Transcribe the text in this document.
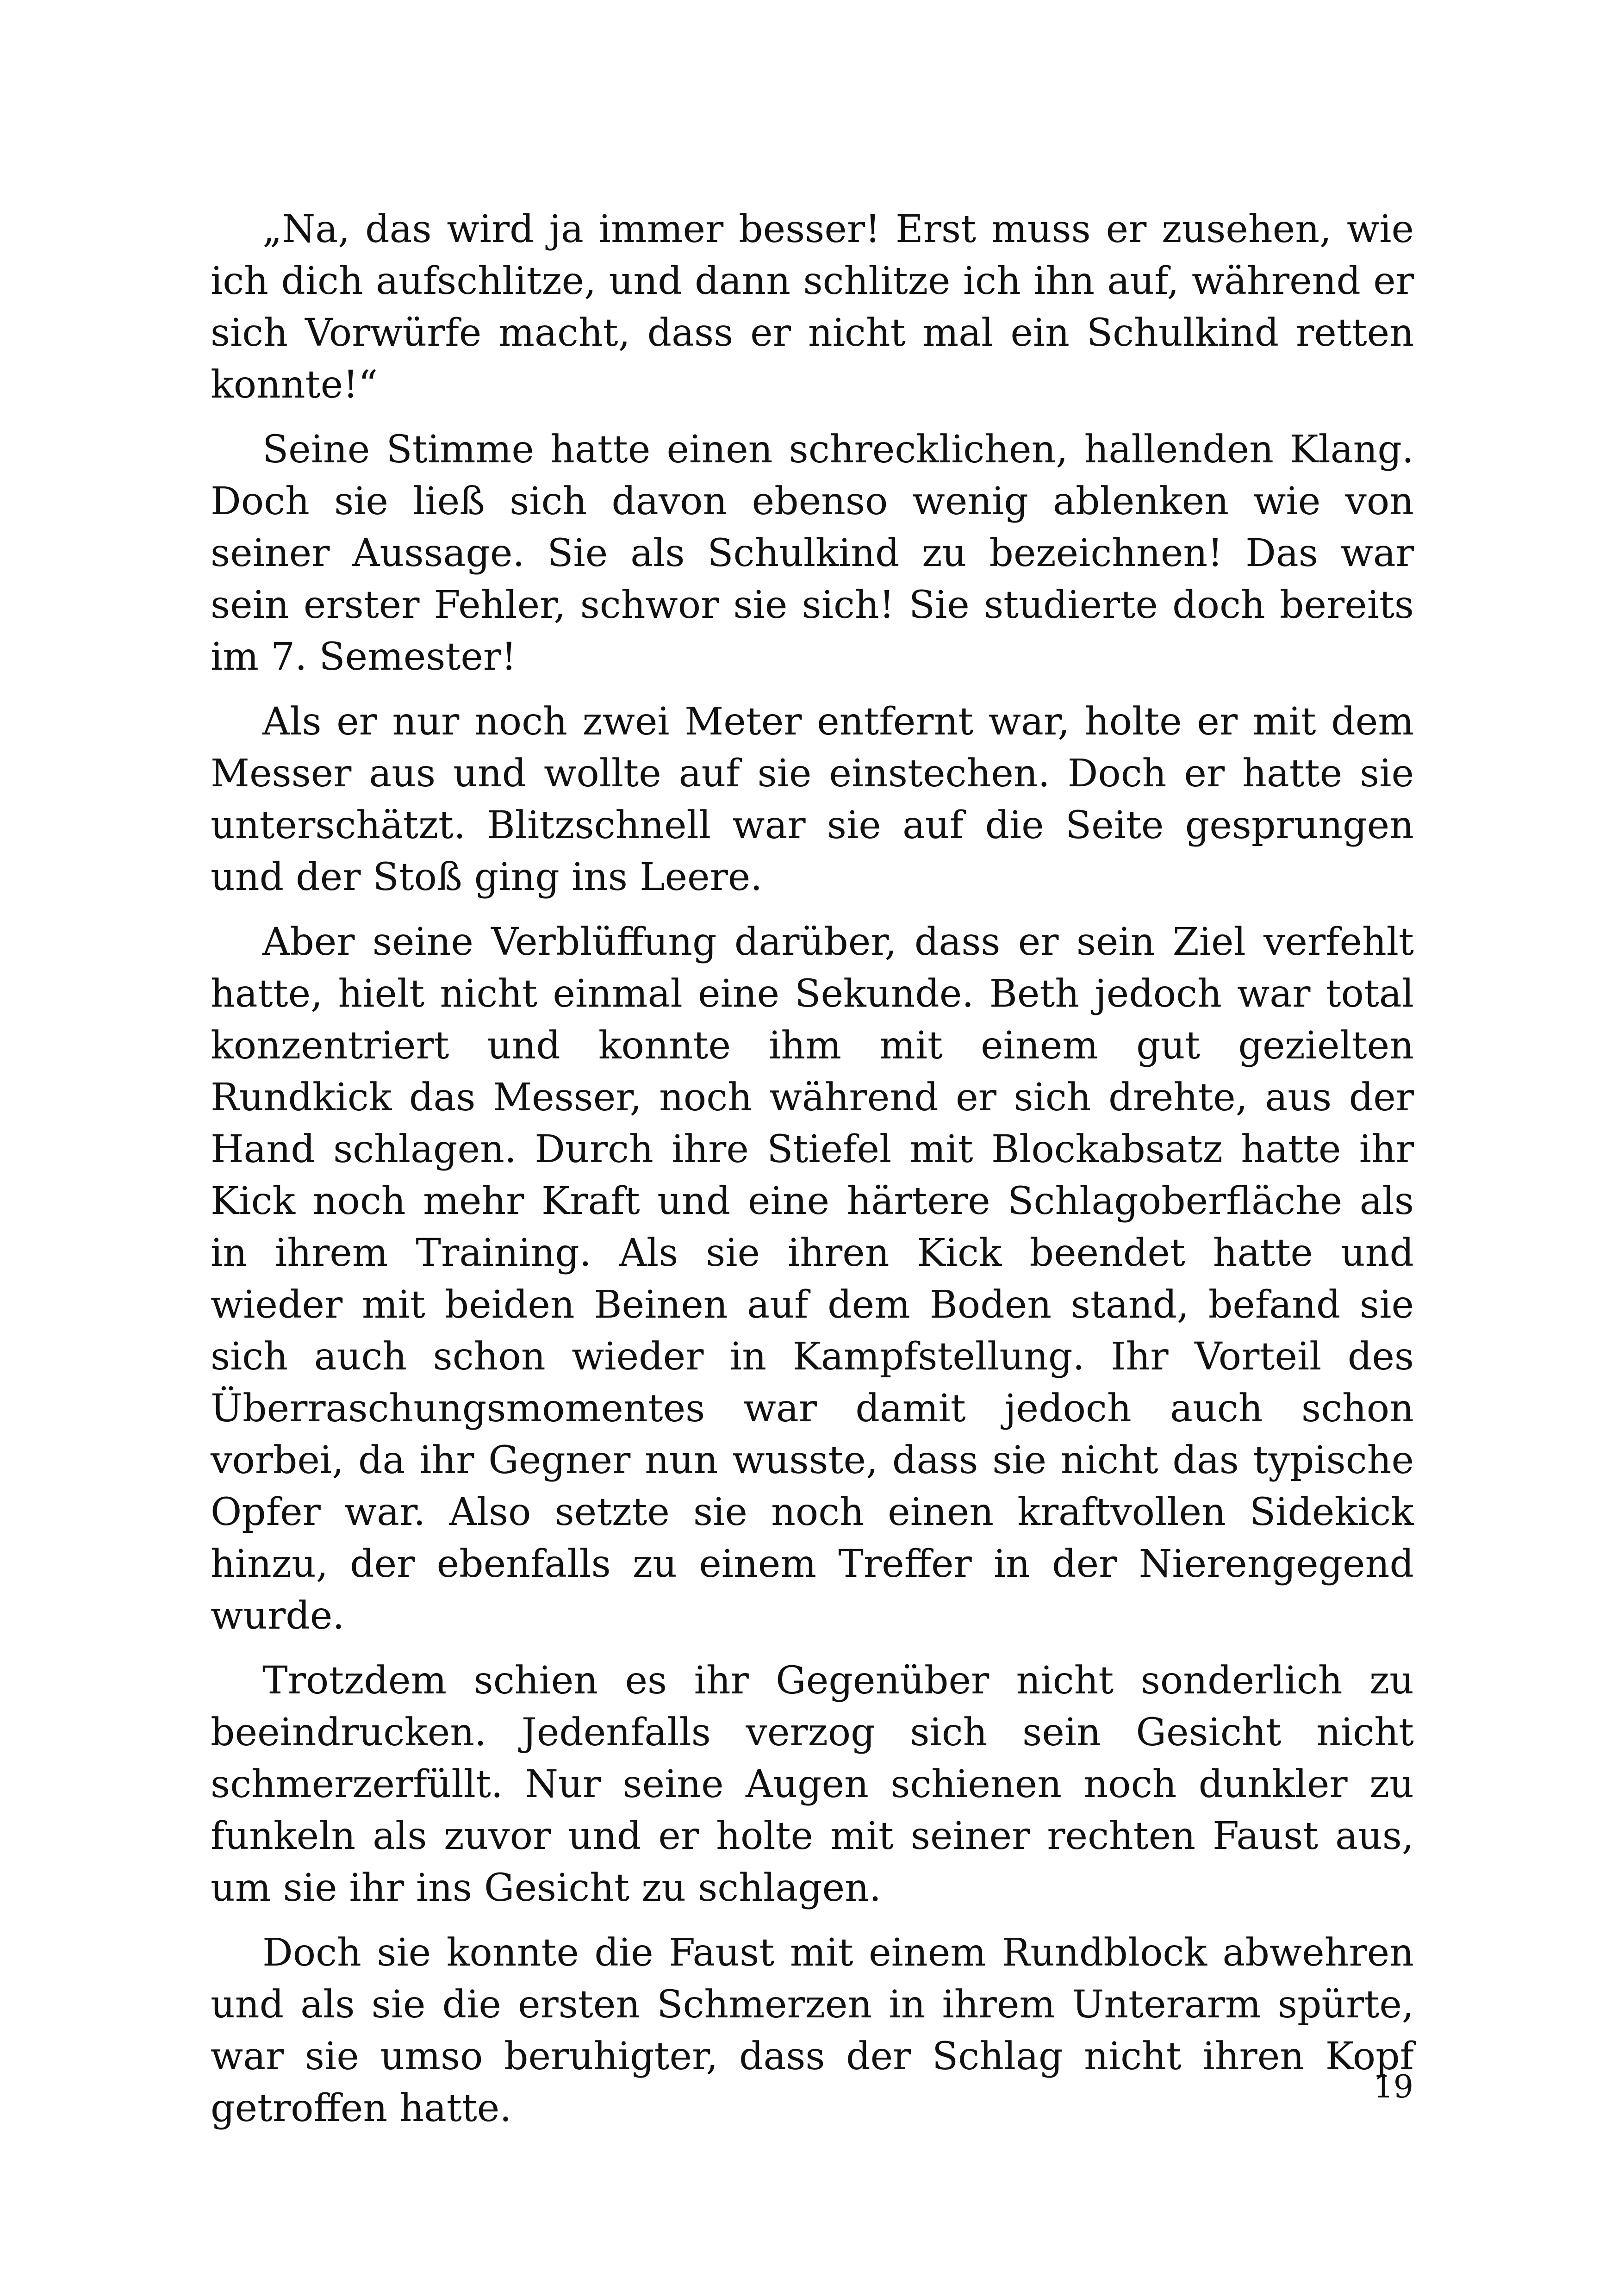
„Na, das wird ja immer besser! Erst muss er zusehen, wie ich dich aufschlitze, und dann schlitze ich ihn auf, während er sich Vorwürfe macht, dass er nicht mal ein Schulkind retten konnte!“

Seine Stimme hatte einen schrecklichen, hallenden Klang. Doch sie ließ sich davon ebenso wenig ablenken wie von seiner Aussage. Sie als Schulkind zu bezeichnen! Das war sein erster Fehler, schwor sie sich! Sie studierte doch bereits im 7. Semester!

Als er nur noch zwei Meter entfernt war, holte er mit dem Messer aus und wollte auf sie einstechen. Doch er hatte sie unterschätzt. Blitzschnell war sie auf die Seite gesprungen und der Stoß ging ins Leere.

Aber seine Verblüffung darüber, dass er sein Ziel verfehlt hatte, hielt nicht einmal eine Sekunde. Beth jedoch war total konzentriert und konnte ihm mit einem gut gezielten Rundkick das Messer, noch während er sich drehte, aus der Hand schlagen. Durch ihre Stiefel mit Blockabsatz hatte ihr Kick noch mehr Kraft und eine härtere Schlagoberfläche als in ihrem Training. Als sie ihren Kick beendet hatte und wieder mit beiden Beinen auf dem Boden stand, befand sie sich auch schon wieder in Kampfstellung. Ihr Vorteil des Überraschungsmomentes war damit jedoch auch schon vorbei, da ihr Gegner nun wusste, dass sie nicht das typische Opfer war. Also setzte sie noch einen kraftvollen Sidekick hinzu, der ebenfalls zu einem Treffer in der Nierengegend wurde.

Trotzdem schien es ihr Gegenüber nicht sonderlich zu beeindrucken. Jedenfalls verzog sich sein Gesicht nicht schmerzerfüllt. Nur seine Augen schienen noch dunkler zu funkeln als zuvor und er holte mit seiner rechten Faust aus, um sie ihr ins Gesicht zu schlagen.

Doch sie konnte die Faust mit einem Rundblock abwehren und als sie die ersten Schmerzen in ihrem Unterarm spürte, war sie umso beruhigter, dass der Schlag nicht ihren Kopf getroffen hatte.	19
